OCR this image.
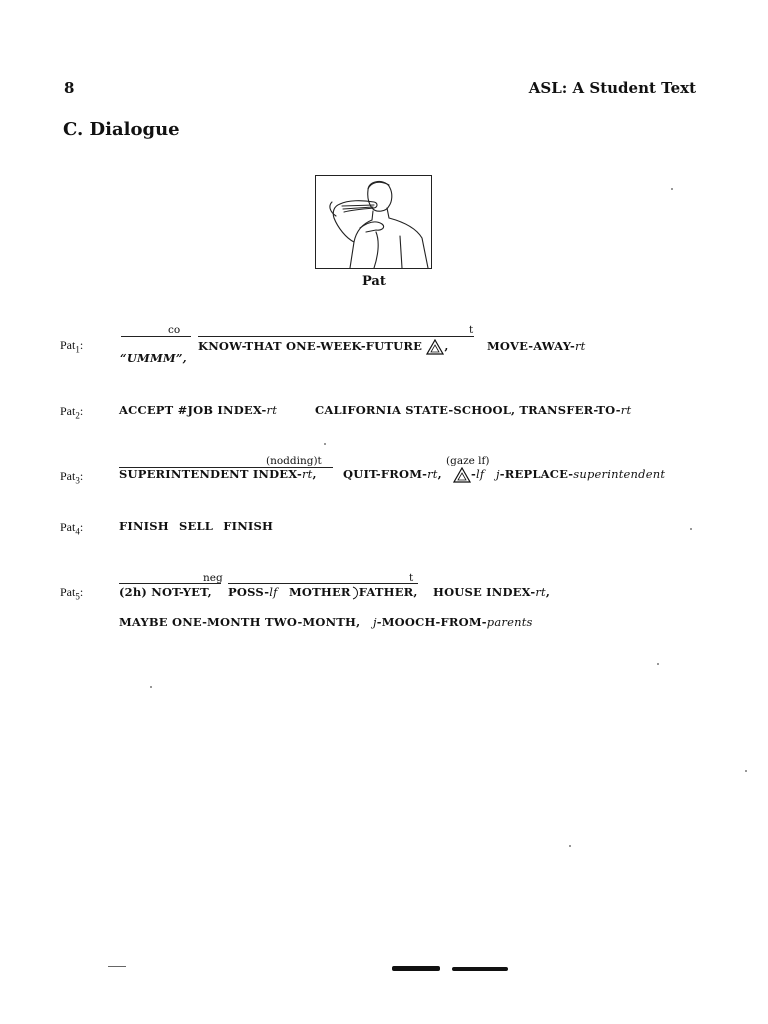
8	ASL: A Student Text
C. Dialogue
Pat
Pat$_1$:
co	t
KNOW-THAT ONE-WEEK-FUTURE ,	MOVE-AWAY-rt
“UMMM”,
Pat$_2$:	ACCEPT #JOB INDEX-rt	CALIFORNIA STATE-SCHOOL, TRANSFER-TO-rt
Pat$_3$:
(nodding)t	(gaze lf)
SUPERINTENDENT INDEX-rt, QUIT-FROM-rt,	-lf j-REPLACE-superintendent
Pat$_4$:	FINISH SELL FINISH
Pat$_5$:
neg	t
(2h) NOT-YET, POSS-lf MOTHER FATHER, HOUSE INDEX-rt,
MAYBE ONE-MONTH TWO-MONTH, j-MOOCH-FROM-parents
